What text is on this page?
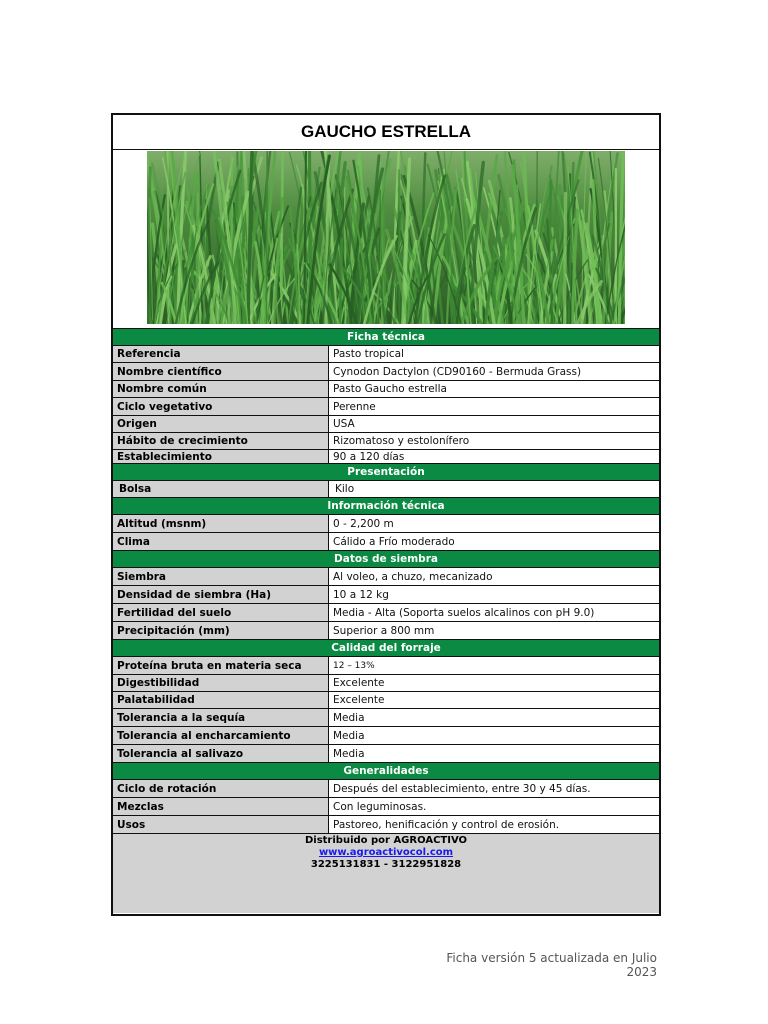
GAUCHO ESTRELLA
Ficha técnica
Referencia	Pasto tropical
Nombre científico	Cynodon Dactylon (CD90160 - Bermuda Grass)
Nombre común	Pasto Gaucho estrella
Ciclo vegetativo	Perenne
Origen	USA
Hábito de crecimiento	Rizomatoso y estolonífero
Establecimiento	90 a 120 días
Presentación
Bolsa	Kilo
Información técnica
Altitud (msnm)	0 - 2,200 m
Clima	Cálido a Frío moderado
Datos de siembra
Siembra	Al voleo, a chuzo, mecanizado
Densidad de siembra (Ha)	10 a 12 kg
Fertilidad del suelo	Media - Alta (Soporta suelos alcalinos con pH 9.0)
Precipitación (mm)	Superior a 800 mm
Calidad del forraje
Proteína bruta en materia seca	12 – 13%
Digestibilidad	Excelente
Palatabilidad	Excelente
Tolerancia a la sequía	Media
Tolerancia al encharcamiento	Media
Tolerancia al salivazo	Media
Generalidades
Ciclo de rotación	Después del establecimiento, entre 30 y 45 días.
Mezclas	Con leguminosas.
Usos	Pastoreo, henificación y control de erosión.
Distribuido por AGROACTIVO
www.agroactivocol.com
3225131831 - 3122951828
Ficha versión 5 actualizada en Julio 2023
